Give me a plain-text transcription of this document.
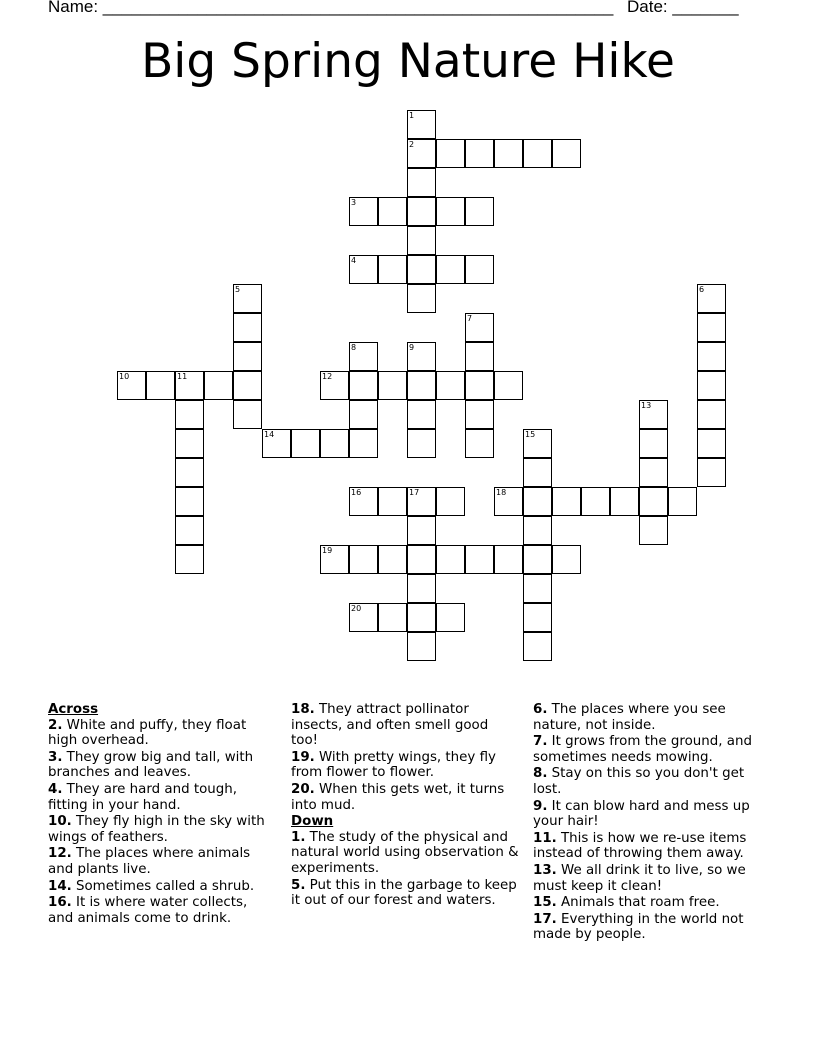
Name: ______________________________________________________ Date: _______
Big Spring Nature Hike
1
2
3
4
5	6
7
8	9
10	11	12
13
14	15
16	17	18
19
20
Across
2. White and puffy, they float high overhead.
3. They grow big and tall, with branches and leaves.
4. They are hard and tough, fitting in your hand.
10. They fly high in the sky with wings of feathers.
12. The places where animals and plants live.
14. Sometimes called a shrub.
16. It is where water collects, and animals come to drink.
18. They attract pollinator insects, and often smell good too!
19. With pretty wings, they fly from flower to flower.
20. When this gets wet, it turns into mud.
Down
1. The study of the physical and natural world using observation & experiments.
5. Put this in the garbage to keep it out of our forest and waters.
6. The places where you see nature, not inside.
7. It grows from the ground, and sometimes needs mowing.
8. Stay on this so you don't get lost.
9. It can blow hard and mess up your hair!
11. This is how we re-use items instead of throwing them away.
13. We all drink it to live, so we must keep it clean!
15. Animals that roam free.
17. Everything in the world not made by people.
